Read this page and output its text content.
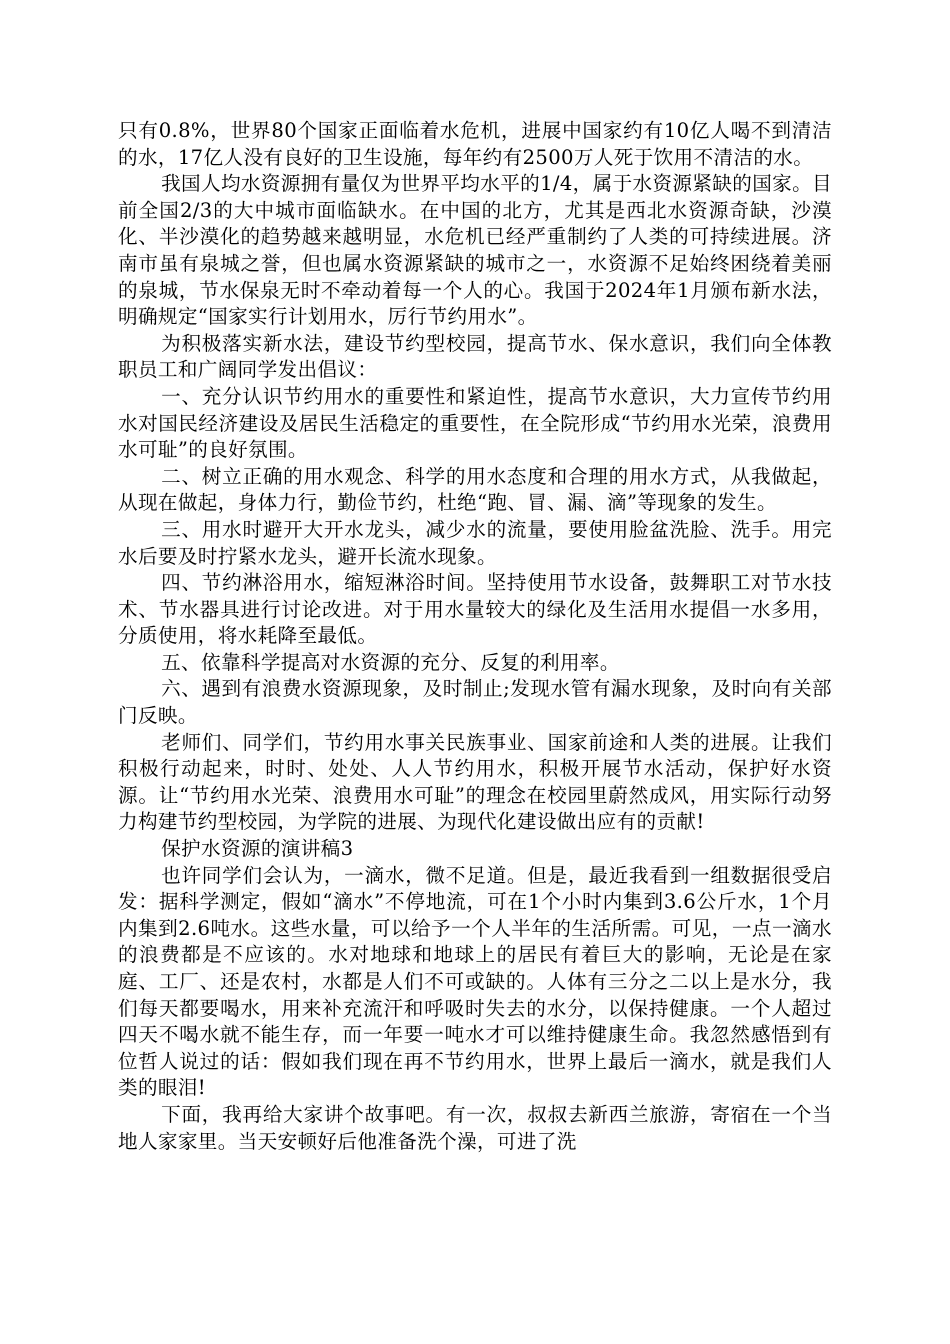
只有0.8%，世界80个国家正面临着水危机，进展中国家约有10亿人喝不到清洁的水，17亿人没有良好的卫生设施，每年约有2500万人死于饮用不清洁的水。

我国人均水资源拥有量仅为世界平均水平的1/4，属于水资源紧缺的国家。目前全国2/3的大中城市面临缺水。在中国的北方，尤其是西北水资源奇缺，沙漠化、半沙漠化的趋势越来越明显，水危机已经严重制约了人类的可持续进展。济南市虽有泉城之誉，但也属水资源紧缺的城市之一，水资源不足始终困绕着美丽的泉城，节水保泉无时不牵动着每一个人的心。我国于2024年1月颁布新水法，明确规定“国家实行计划用水，厉行节约用水”。

为积极落实新水法，建设节约型校园，提高节水、保水意识，我们向全体教职员工和广阔同学发出倡议：

一、充分认识节约用水的重要性和紧迫性，提高节水意识，大力宣传节约用水对国民经济建设及居民生活稳定的重要性，在全院形成“节约用水光荣，浪费用水可耻”的良好氛围。

二、树立正确的用水观念、科学的用水态度和合理的用水方式，从我做起，从现在做起，身体力行，勤俭节约，杜绝“跑、冒、漏、滴”等现象的发生。

三、用水时避开大开水龙头，减少水的流量，要使用脸盆洗脸、洗手。用完水后要及时拧紧水龙头，避开长流水现象。

四、节约淋浴用水，缩短淋浴时间。坚持使用节水设备，鼓舞职工对节水技术、节水器具进行讨论改进。对于用水量较大的绿化及生活用水提倡一水多用，分质使用，将水耗降至最低。

五、依靠科学提高对水资源的充分、反复的利用率。

六、遇到有浪费水资源现象，及时制止;发现水管有漏水现象，及时向有关部门反映。

老师们、同学们，节约用水事关民族事业、国家前途和人类的进展。让我们积极行动起来，时时、处处、人人节约用水，积极开展节水活动，保护好水资源。让“节约用水光荣、浪费用水可耻”的理念在校园里蔚然成风，用实际行动努力构建节约型校园，为学院的进展、为现代化建设做出应有的贡献!

保护水资源的演讲稿3

也许同学们会认为，一滴水，微不足道。但是，最近我看到一组数据很受启发：据科学测定，假如“滴水”不停地流，可在1个小时内集到3.6公斤水，1个月内集到2.6吨水。这些水量，可以给予一个人半年的生活所需。可见，一点一滴水的浪费都是不应该的。水对地球和地球上的居民有着巨大的影响，无论是在家庭、工厂、还是农村，水都是人们不可或缺的。人体有三分之二以上是水分，我们每天都要喝水，用来补充流汗和呼吸时失去的水分，以保持健康。一个人超过四天不喝水就不能生存，而一年要一吨水才可以维持健康生命。我忽然感悟到有位哲人说过的话：假如我们现在再不节约用水，世界上最后一滴水，就是我们人类的眼泪!

下面，我再给大家讲个故事吧。有一次，叔叔去新西兰旅游，寄宿在一个当地人家家里。当天安顿好后他准备洗个澡，可进了洗
